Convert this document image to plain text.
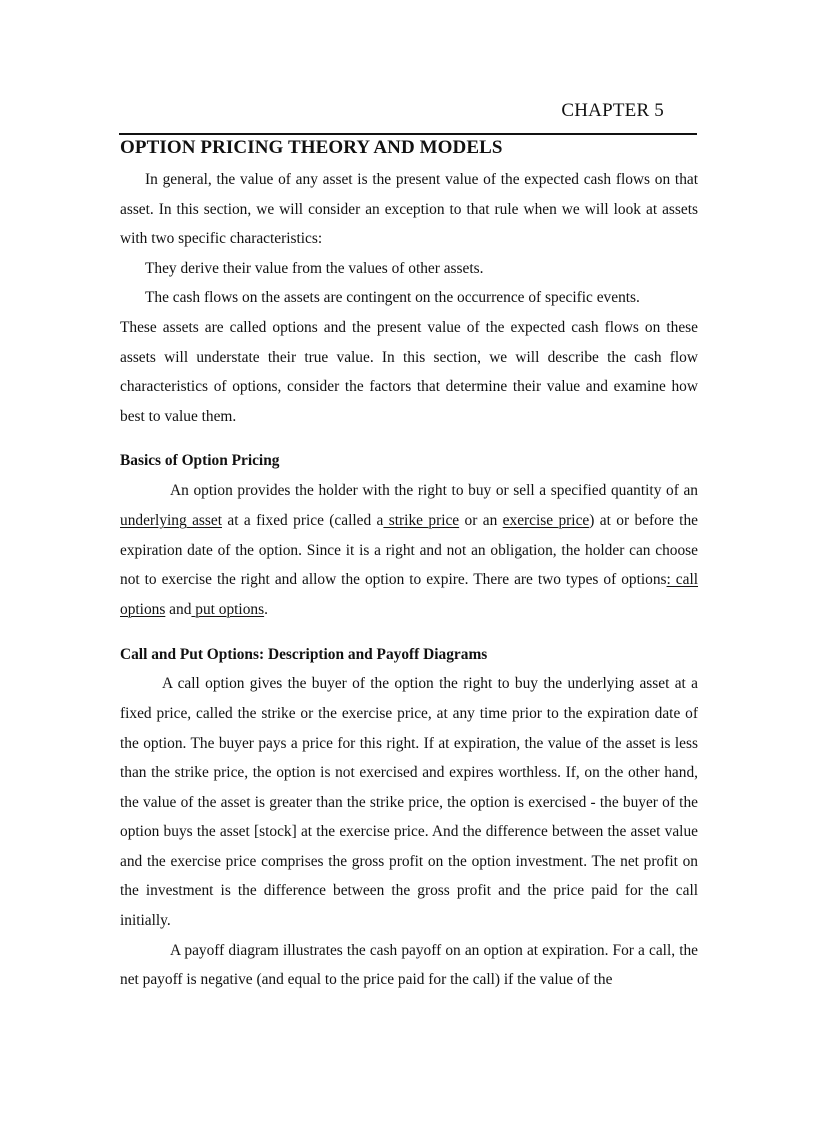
CHAPTER 5
OPTION PRICING THEORY AND MODELS

In general, the value of any asset is the present value of the expected cash flows on that asset. In this section, we will consider an exception to that rule when we will look at assets with two specific characteristics:

They derive their value from the values of other assets.

The cash flows on the assets are contingent on the occurrence of specific events.

These assets are called options and the present value of the expected cash flows on these assets will understate their true value. In this section, we will describe the cash flow characteristics of options, consider the factors that determine their value and examine how best to value them.

Basics of Option Pricing

An option provides the holder with the right to buy or sell a specified quantity of an underlying asset at a fixed price (called a strike price or an exercise price) at or before the expiration date of the option. Since it is a right and not an obligation, the holder can choose not to exercise the right and allow the option to expire. There are two types of options: call options and put options.

Call and Put Options: Description and Payoff Diagrams

A call option gives the buyer of the option the right to buy the underlying asset at a fixed price, called the strike or the exercise price, at any time prior to the expiration date of the option. The buyer pays a price for this right. If at expiration, the value of the asset is less than the strike price, the option is not exercised and expires worthless. If, on the other hand, the value of the asset is greater than the strike price, the option is exercised - the buyer of the option buys the asset [stock] at the exercise price. And the difference between the asset value and the exercise price comprises the gross profit on the option investment. The net profit on the investment is the difference between the gross profit and the price paid for the call initially.

A payoff diagram illustrates the cash payoff on an option at expiration. For a call, the net payoff is negative (and equal to the price paid for the call) if the value of the
